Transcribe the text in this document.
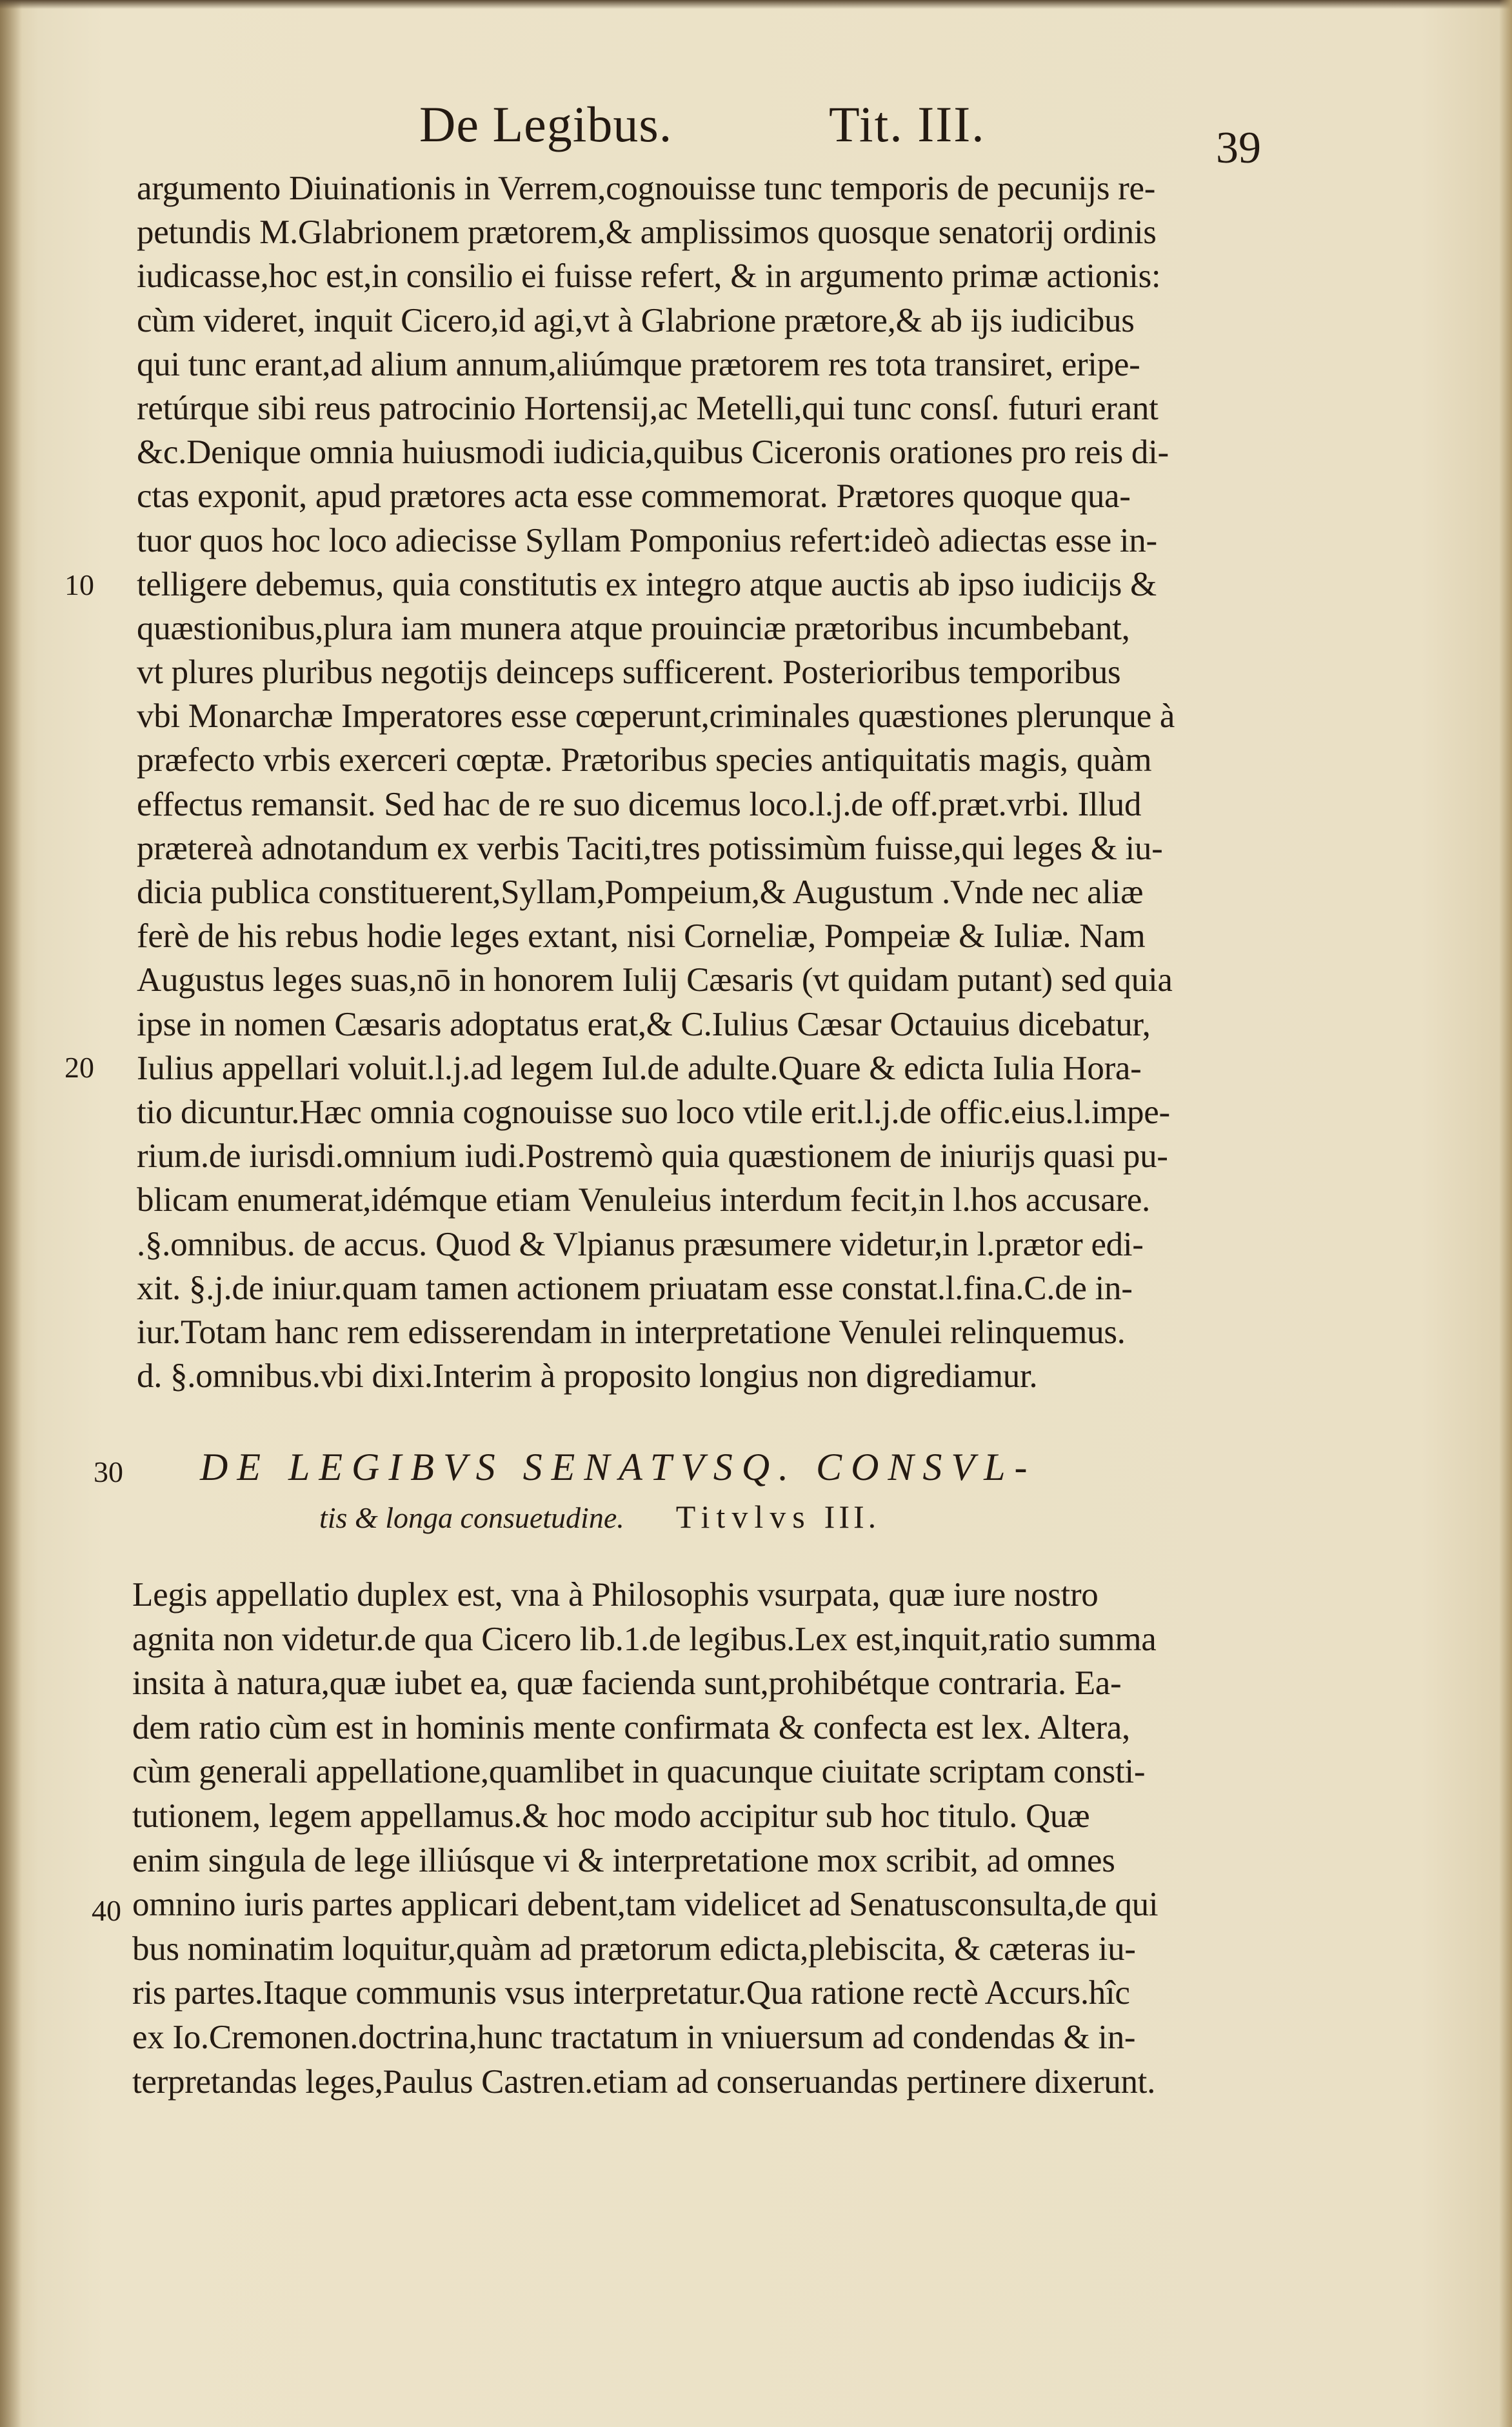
De Legibus.	Tit. III.	39
10
20
30
40
argumento Diuinationis in Verrem,cognouisse tunc temporis de pecunijs re-
petundis M.Glabrionem prætorem,& amplissimos quosque senatorij ordinis
iudicasse,hoc est,in consilio ei fuisse refert, & in argumento primæ actionis:
cùm videret, inquit Cicero,id agi,vt à Glabrione prætore,& ab ijs iudicibus
qui tunc erant,ad alium annum,aliúmque prætorem res tota transiret, eripe-
retúrque sibi reus patrocinio Hortensij,ac Metelli,qui tunc consſ. futuri erant
&c.Denique omnia huiusmodi iudicia,quibus Ciceronis orationes pro reis di-
ctas exponit, apud prætores acta esse commemorat. Prætores quoque qua-
tuor quos hoc loco adiecisse Syllam Pomponius refert:ideò adiectas esse in-
telligere debemus, quia constitutis ex integro atque auctis ab ipso iudicijs &
quæstionibus,plura iam munera atque prouinciæ prætoribus incumbebant,
vt plures pluribus negotijs deinceps sufficerent. Posterioribus temporibus
vbi Monarchæ Imperatores esse cœperunt,criminales quæstiones plerunque à
præfecto vrbis exerceri cœptæ. Prætoribus species antiquitatis magis, quàm
effectus remansit. Sed hac de re suo dicemus loco.l.j.de off.præt.vrbi. Illud
prætereà adnotandum ex verbis Taciti,tres potissimùm fuisse,qui leges & iu-
dicia publica constituerent,Syllam,Pompeium,& Augustum .Vnde nec aliæ
ferè de his rebus hodie leges extant, nisi Corneliæ, Pompeiæ & Iuliæ. Nam
Augustus leges suas,nō in honorem Iulij Cæsaris (vt quidam putant) sed quia
ipse in nomen Cæsaris adoptatus erat,& C.Iulius Cæsar Octauius dicebatur,
Iulius appellari voluit.l.j.ad legem Iul.de adulte.Quare & edicta Iulia Hora-
tio dicuntur.Hæc omnia cognouisse suo loco vtile erit.l.j.de offic.eius.l.impe-
rium.de iurisdi.omnium iudi.Postremò quia quæstionem de iniurijs quasi pu-
blicam enumerat,idémque etiam Venuleius interdum fecit,in l.hos accusare.
.§.omnibus. de accus. Quod & Vlpianus præsumere videtur,in l.prætor edi-
xit. §.j.de iniur.quam tamen actionem priuatam esse constat.l.fina.C.de in-
iur.Totam hanc rem edisserendam in interpretatione Venulei relinquemus.
d. §.omnibus.vbi dixi.Interim à proposito longius non digrediamur.
DE LEGIBVS SENATVSQ. CONSVL-
tis & longa consuetudine. Titvlvs III.
Legis appellatio duplex est, vna à Philosophis vsurpata, quæ iure nostro
agnita non videtur.de qua Cicero lib.1.de legibus.Lex est,inquit,ratio summa
insita à natura,quæ iubet ea, quæ facienda sunt,prohibétque contraria. Ea-
dem ratio cùm est in hominis mente confirmata & confecta est lex. Altera,
cùm generali appellatione,quamlibet in quacunque ciuitate scriptam consti-
tutionem, legem appellamus.& hoc modo accipitur sub hoc titulo. Quæ
enim singula de lege illiúsque vi & interpretatione mox scribit, ad omnes
omnino iuris partes applicari debent,tam videlicet ad Senatusconsulta,de qui
bus nominatim loquitur,quàm ad prætorum edicta,plebiscita, & cæteras iu-
ris partes.Itaque communis vsus interpretatur.Qua ratione rectè Accurs.hîc
ex Io.Cremonen.doctrina,hunc tractatum in vniuersum ad condendas & in-
terpretandas leges,Paulus Castren.etiam ad conseruandas pertinere dixerunt.
